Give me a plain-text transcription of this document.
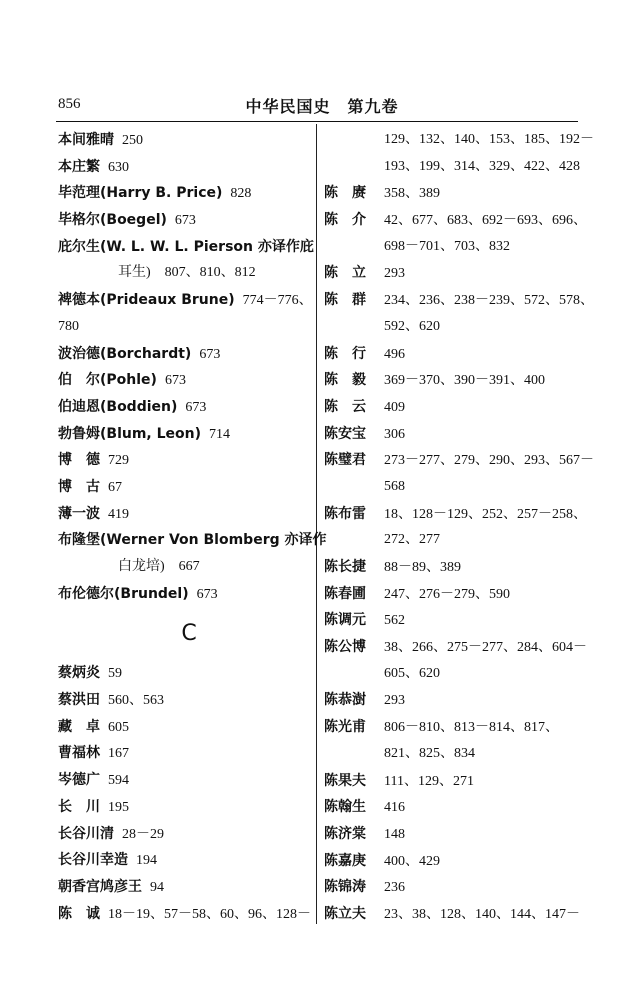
856	中华民国史　第九卷
本间雅晴 250
本庄繁 630
毕范理(Harry B. Price) 828
毕格尔(Boegel) 673
庇尔生(W. L. W. L. Pierson 亦译作庇
耳生)　807、810、812
裨德本(Prideaux Brune) 774－776、
780
波治德(Borchardt) 673
伯　尔(Pohle) 673
伯迪恩(Boddien) 673
勃鲁姆(Blum, Leon) 714
博　德 729
博　古 67
薄一波 419
布隆堡(Werner Von Blomberg 亦译作
白龙培)　667
布伦德尔(Brundel) 673
C
蔡炳炎 59
蔡洪田 560、563
藏　卓 605
曹福林 167
岑德广 594
长　川 195
长谷川清 28－29
长谷川幸造 194
朝香宫鸠彦王 94
陈　诚 18－19、57－58、60、96、128－
129、132、140、153、185、192－
193、199、314、329、422、428
陈　赓 358、389
陈　介 42、677、683、692－693、696、
698－701、703、832
陈　立 293
陈　群 234、236、238－239、572、578、
592、620
陈　行 496
陈　毅 369－370、390－391、400
陈　云 409
陈安宝 306
陈璧君 273－277、279、290、293、567－
568
陈布雷 18、128－129、252、257－258、
272、277
陈长捷 88－89、389
陈春圃 247、276－279、590
陈调元 562
陈公博 38、266、275－277、284、604－
605、620
陈恭澍 293
陈光甫 806－810、813－814、817、
821、825、834
陈果夫 111、129、271
陈翰生 416
陈济棠 148
陈嘉庚 400、429
陈锦涛 236
陈立夫 23、38、128、140、144、147－
